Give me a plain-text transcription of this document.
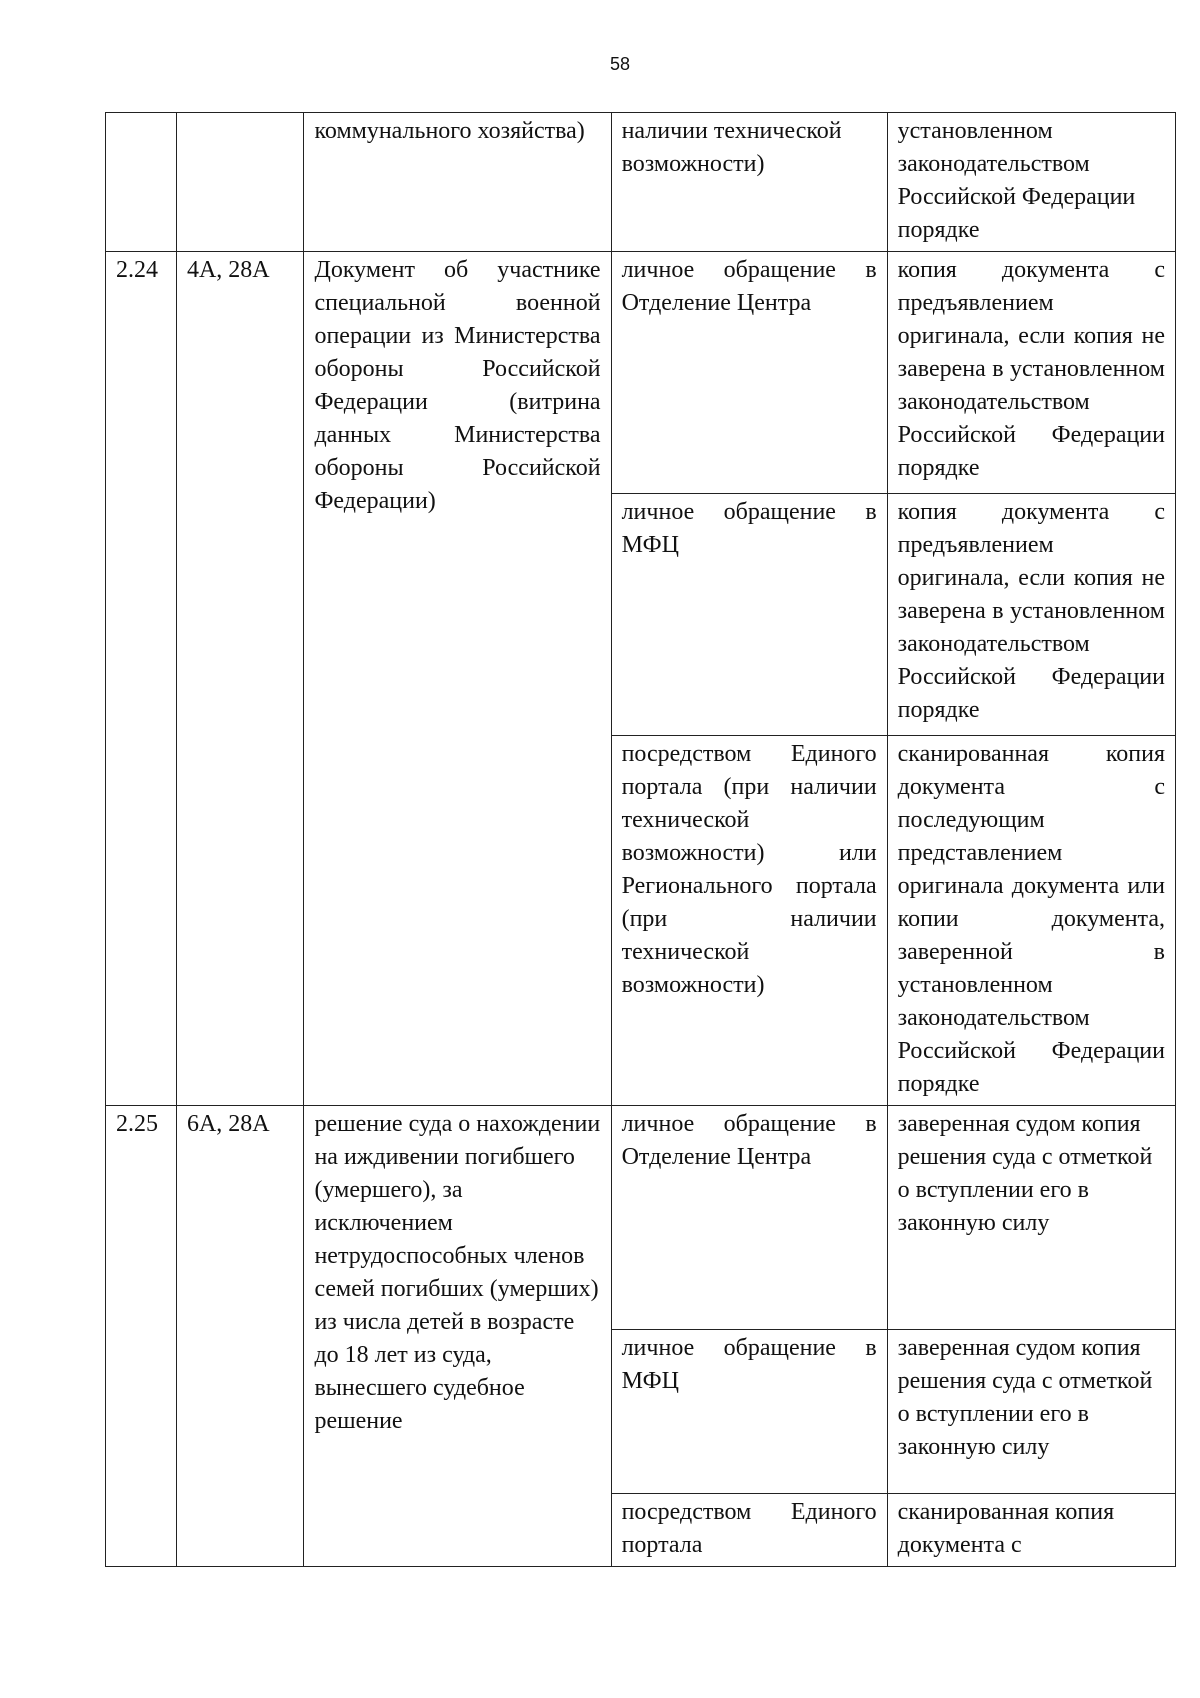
58
		коммунального хозяйства)	наличии технической возможности)	установленном законодательством Российской Федерации порядке
2.24	4А, 28А	Документ об участнике специальной военной операции из Министерства обороны Российской Федерации (витрина данных Министерства обороны Российской Федерации)	личное обращение в Отделение Центра	копия документа с предъявлением оригинала, если копия не заверена в установленном законодательством Российской Федерации порядке
			личное обращение в МФЦ	копия документа с предъявлением оригинала, если копия не заверена в установленном законодательством Российской Федерации порядке
			посредством Единого портала (при наличии технической возможности) или Регионального портала (при наличии технической возможности)	сканированная копия документа с последующим представлением оригинала документа или копии документа, заверенной в установленном законодательством Российской Федерации порядке
2.25	6А, 28А	решение суда о нахождении на иждивении погибшего (умершего), за исключением нетрудоспособных членов семей погибших (умерших) из числа детей в возрасте до 18 лет из суда, вынесшего судебное решение	личное обращение в Отделение Центра	заверенная судом копия решения суда с отметкой о вступлении его в законную силу
			личное обращение в МФЦ	заверенная судом копия решения суда с отметкой о вступлении его в законную силу
			посредством Единого портала	сканированная копия документа с
